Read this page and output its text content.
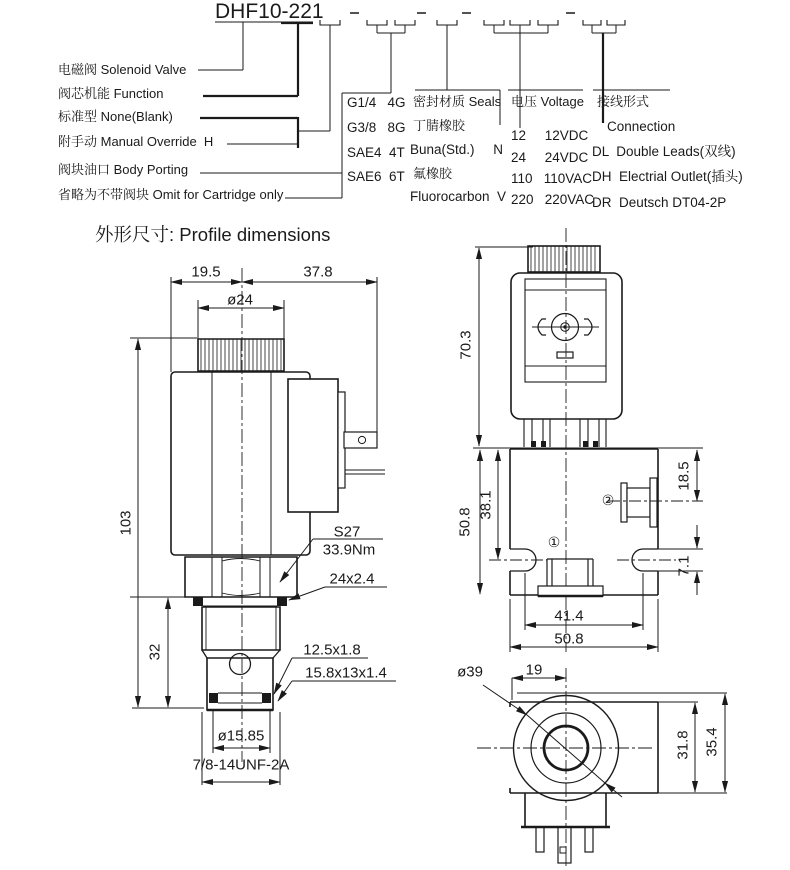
DHF10-221
电磁阀 Solenoid Valve
阀芯机能 Function
标准型 None(Blank)
附手动 Manual Override  H
阀块油口 Body Porting
省略为不带阀块 Omit for Cartridge only
G1/4   4G
G3/8   8G
SAE4  4T
SAE6  6T
密封材质 Seals
丁腈橡胶
Buna(Std.)     N
氟橡胶
Fluorocarbon  V
电压 Voltage
12     12VDC
24     24VDC
110   110VAC
220   220VAC
接线形式
Connection
DL  Double Leads(双线)
DH  Electrial Outlet(插头)
DR  Deutsch DT04-2P
外形尺寸: Profile dimensions
19.5	37.8
ø24
103	S27
33.9Nm
24x2.4
32	12.5x1.8
15.8x13x1.4
ø15.85
7/8-14UNF-2A
70.3
50.8
38.1
18.5
7.1
41.4
50.8
①
②
ø39	19
31.8 35.4
